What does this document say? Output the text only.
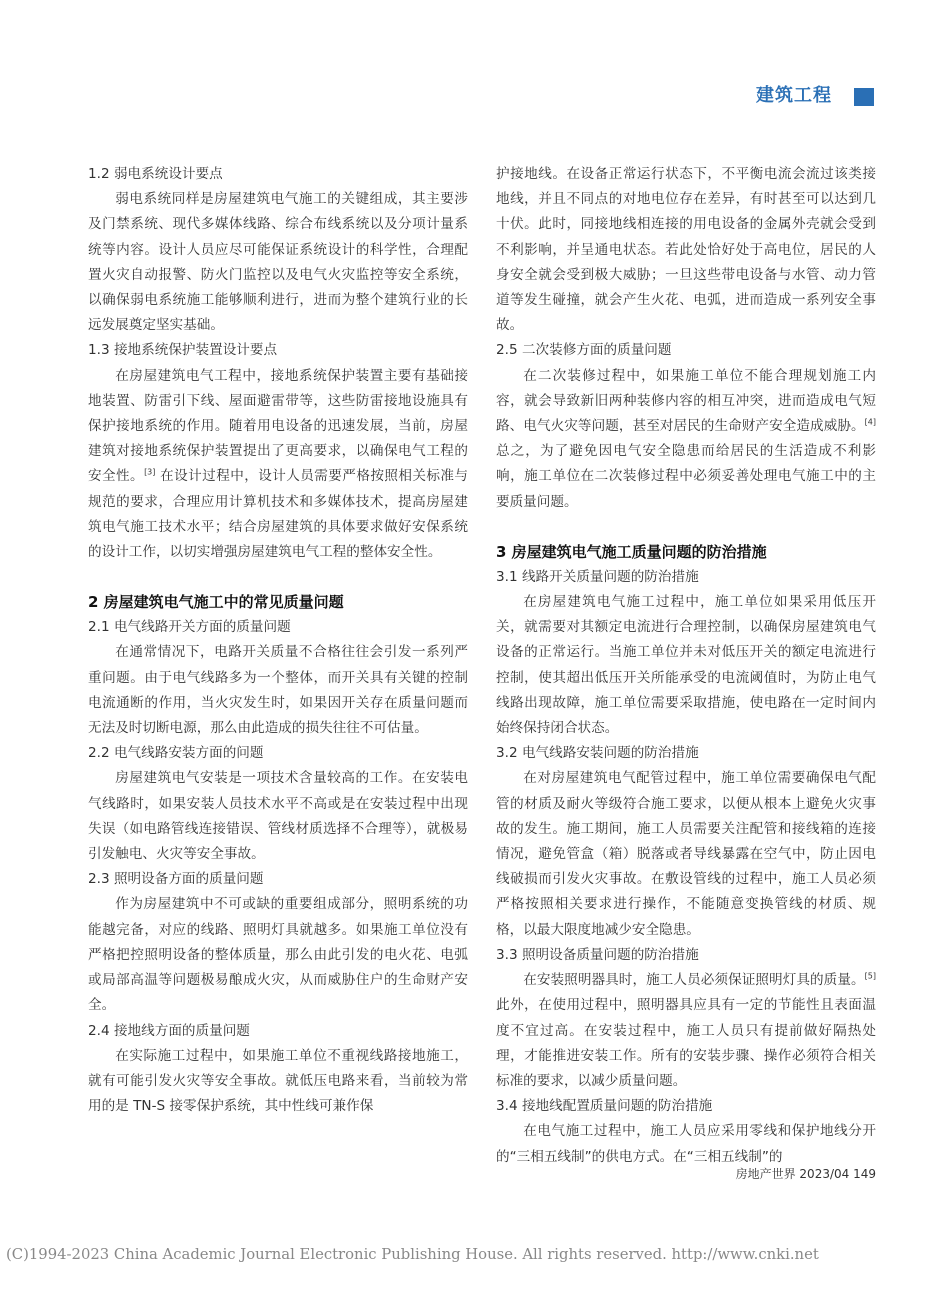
建筑工程

1.2 弱电系统设计要点

弱电系统同样是房屋建筑电气施工的关键组成，其主要涉及门禁系统、现代多媒体线路、综合布线系统以及分项计量系统等内容。设计人员应尽可能保证系统设计的科学性，合理配置火灾自动报警、防火门监控以及电气火灾监控等安全系统，以确保弱电系统施工能够顺利进行，进而为整个建筑行业的长远发展奠定坚实基础。

1.3 接地系统保护装置设计要点

在房屋建筑电气工程中，接地系统保护装置主要有基础接地装置、防雷引下线、屋面避雷带等，这些防雷接地设施具有保护接地系统的作用。随着用电设备的迅速发展，当前，房屋建筑对接地系统保护装置提出了更高要求，以确保电气工程的安全性。[3] 在设计过程中，设计人员需要严格按照相关标准与规范的要求，合理应用计算机技术和多媒体技术，提高房屋建筑电气施工技术水平；结合房屋建筑的具体要求做好安保系统的设计工作，以切实增强房屋建筑电气工程的整体安全性。

2 房屋建筑电气施工中的常见质量问题

2.1 电气线路开关方面的质量问题

在通常情况下，电路开关质量不合格往往会引发一系列严重问题。由于电气线路多为一个整体，而开关具有关键的控制电流通断的作用，当火灾发生时，如果因开关存在质量问题而无法及时切断电源，那么由此造成的损失往往不可估量。

2.2 电气线路安装方面的问题

房屋建筑电气安装是一项技术含量较高的工作。在安装电气线路时，如果安装人员技术水平不高或是在安装过程中出现失误（如电路管线连接错误、管线材质选择不合理等），就极易引发触电、火灾等安全事故。

2.3 照明设备方面的质量问题

作为房屋建筑中不可或缺的重要组成部分，照明系统的功能越完备，对应的线路、照明灯具就越多。如果施工单位没有严格把控照明设备的整体质量，那么由此引发的电火花、电弧或局部高温等问题极易酿成火灾，从而威胁住户的生命财产安全。

2.4 接地线方面的质量问题

在实际施工过程中，如果施工单位不重视线路接地施工，就有可能引发火灾等安全事故。就低压电路来看，当前较为常用的是 TN-S 接零保护系统，其中性线可兼作保

护接地线。在设备正常运行状态下，不平衡电流会流过该类接地线，并且不同点的对地电位存在差异，有时甚至可以达到几十伏。此时，同接地线相连接的用电设备的金属外壳就会受到不利影响，并呈通电状态。若此处恰好处于高电位，居民的人身安全就会受到极大威胁；一旦这些带电设备与水管、动力管道等发生碰撞，就会产生火花、电弧，进而造成一系列安全事故。

2.5 二次装修方面的质量问题

在二次装修过程中，如果施工单位不能合理规划施工内容，就会导致新旧两种装修内容的相互冲突，进而造成电气短路、电气火灾等问题，甚至对居民的生命财产安全造成威胁。[4] 总之，为了避免因电气安全隐患而给居民的生活造成不利影响，施工单位在二次装修过程中必须妥善处理电气施工中的主要质量问题。

3 房屋建筑电气施工质量问题的防治措施

3.1 线路开关质量问题的防治措施

在房屋建筑电气施工过程中，施工单位如果采用低压开关，就需要对其额定电流进行合理控制，以确保房屋建筑电气设备的正常运行。当施工单位并未对低压开关的额定电流进行控制，使其超出低压开关所能承受的电流阈值时，为防止电气线路出现故障，施工单位需要采取措施，使电路在一定时间内始终保持闭合状态。

3.2 电气线路安装问题的防治措施

在对房屋建筑电气配管过程中，施工单位需要确保电气配管的材质及耐火等级符合施工要求，以便从根本上避免火灾事故的发生。施工期间，施工人员需要关注配管和接线箱的连接情况，避免管盒（箱）脱落或者导线暴露在空气中，防止因电线破损而引发火灾事故。在敷设管线的过程中，施工人员必须严格按照相关要求进行操作，不能随意变换管线的材质、规格，以最大限度地减少安全隐患。

3.3 照明设备质量问题的防治措施

在安装照明器具时，施工人员必须保证照明灯具的质量。[5] 此外，在使用过程中，照明器具应具有一定的节能性且表面温度不宜过高。在安装过程中，施工人员只有提前做好隔热处理，才能推进安装工作。所有的安装步骤、操作必须符合相关标准的要求，以减少质量问题。

3.4 接地线配置质量问题的防治措施

在电气施工过程中，施工人员应采用零线和保护地线分开的“三相五线制”的供电方式。在“三相五线制”的

房地产世界 2023/04 149
(C)1994-2023 China Academic Journal Electronic Publishing House. All rights reserved. http://www.cnki.net
